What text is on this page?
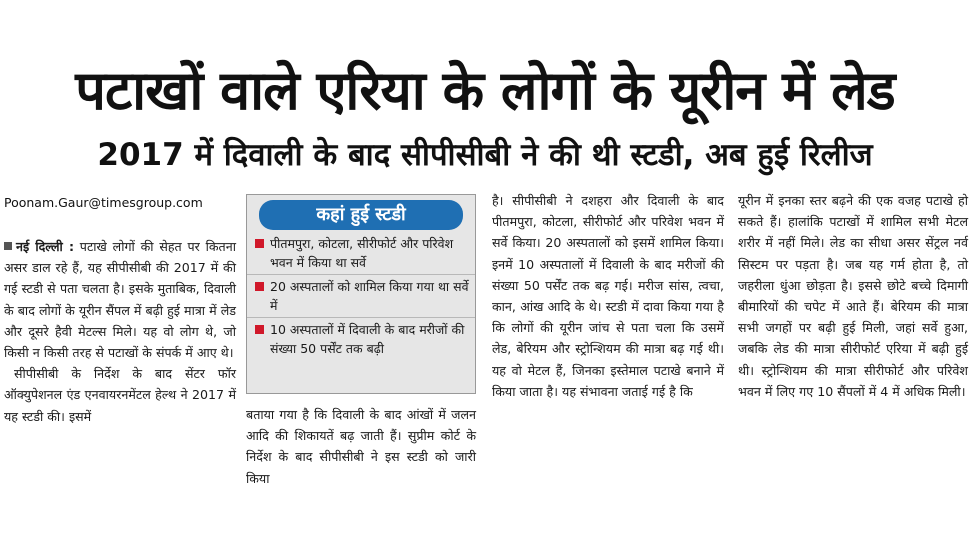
पटाखों वाले एरिया के लोगों के यूरीन में लेड
2017 में दिवाली के बाद सीपीसीबी ने की थी स्टडी, अब हुई रिलीज
Poonam.Gaur@timesgroup.com

नई दिल्ली : पटाखे लोगों की सेहत पर कितना असर डाल रहे हैं, यह सीपीसीबी की 2017 में की गई स्टडी से पता चलता है। इसके मुताबिक, दिवाली के बाद लोगों के यूरीन सैंपल में बढ़ी हुई मात्रा में लेड और दूसरे हैवी मेटल्स मिले। यह वो लोग थे, जो किसी न किसी तरह से पटाखों के संपर्क में आए थे।

सीपीसीबी के निर्देश के बाद सेंटर फॉर ऑक्युपेशनल एंड एनवायरनमेंटल हेल्थ ने 2017 में यह स्टडी की। इसमें

कहां हुई स्टडी
पीतमपुरा, कोटला, सीरीफोर्ट और परिवेश भवन में किया था सर्वे
20 अस्पतालों को शामिल किया गया था सर्वे में
10 अस्पतालों में दिवाली के बाद मरीजों की संख्या 50 पर्सेंट तक बढ़ी

बताया गया है कि दिवाली के बाद आंखों में जलन आदि की शिकायतें बढ़ जाती हैं। सुप्रीम कोर्ट के निर्देश के बाद सीपीसीबी ने इस स्टडी को जारी किया

है। सीपीसीबी ने दशहरा और दिवाली के बाद पीतमपुरा, कोटला, सीरीफोर्ट और परिवेश भवन में सर्वे किया। 20 अस्पतालों को इसमें शामिल किया। इनमें 10 अस्पतालों में दिवाली के बाद मरीजों की संख्या 50 पर्सेंट तक बढ़ गई। मरीज सांस, त्वचा, कान, आंख आदि के थे। स्टडी में दावा किया गया है कि लोगों की यूरीन जांच से पता चला कि उसमें लेड, बेरियम और स्ट्रोन्शियम की मात्रा बढ़ गई थी। यह वो मेटल हैं, जिनका इस्तेमाल पटाखे बनाने में किया जाता है। यह संभावना जताई गई है कि

यूरीन में इनका स्तर बढ़ने की एक वजह पटाखे हो सकते हैं। हालांकि पटाखों में शामिल सभी मेटल शरीर में नहीं मिले। लेड का सीधा असर सेंट्रल नर्व सिस्टम पर पड़ता है। जब यह गर्म होता है, तो जहरीला धुंआ छोड़ता है। इससे छोटे बच्चे दिमागी बीमारियों की चपेट में आते हैं। बेरियम की मात्रा सभी जगहों पर बढ़ी हुई मिली, जहां सर्वे हुआ, जबकि लेड की मात्रा सीरीफोर्ट एरिया में बढ़ी हुई थी। स्ट्रोन्शियम की मात्रा सीरीफोर्ट और परिवेश भवन में लिए गए 10 सैंपलों में 4 में अधिक मिली।
